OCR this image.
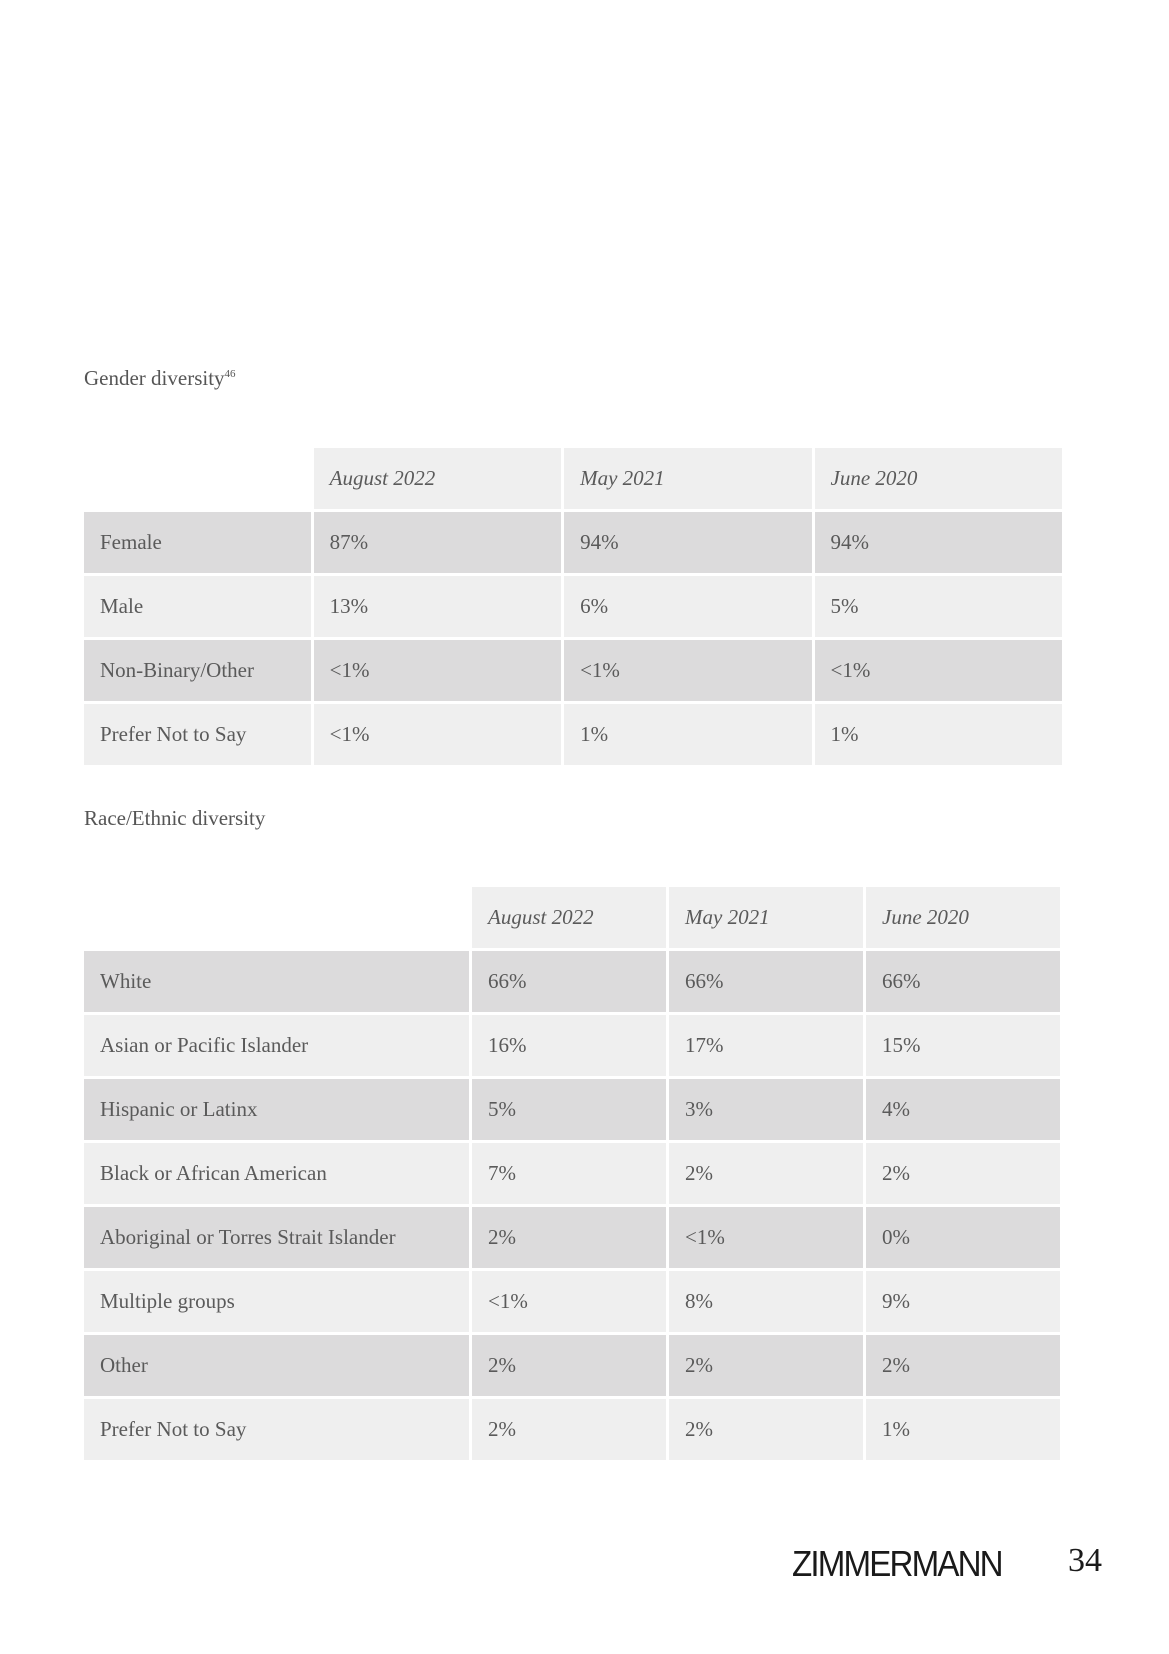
Gender diversity$^{46}$
	August 2022	May 2021	June 2020
Female	87%	94%	94%
Male	13%	6%	5%
Non-Binary/Other	<1%	<1%	<1%
Prefer Not to Say	<1%	1%	1%
Race/Ethnic diversity
	August 2022	May 2021	June 2020
White	66%	66%	66%
Asian or Pacific Islander	16%	17%	15%
Hispanic or Latinx	5%	3%	4%
Black or African American	7%	2%	2%
Aboriginal or Torres Strait Islander	2%	<1%	0%
Multiple groups	<1%	8%	9%
Other	2%	2%	2%
Prefer Not to Say	2%	2%	1%
ZIMMERMANN 34
